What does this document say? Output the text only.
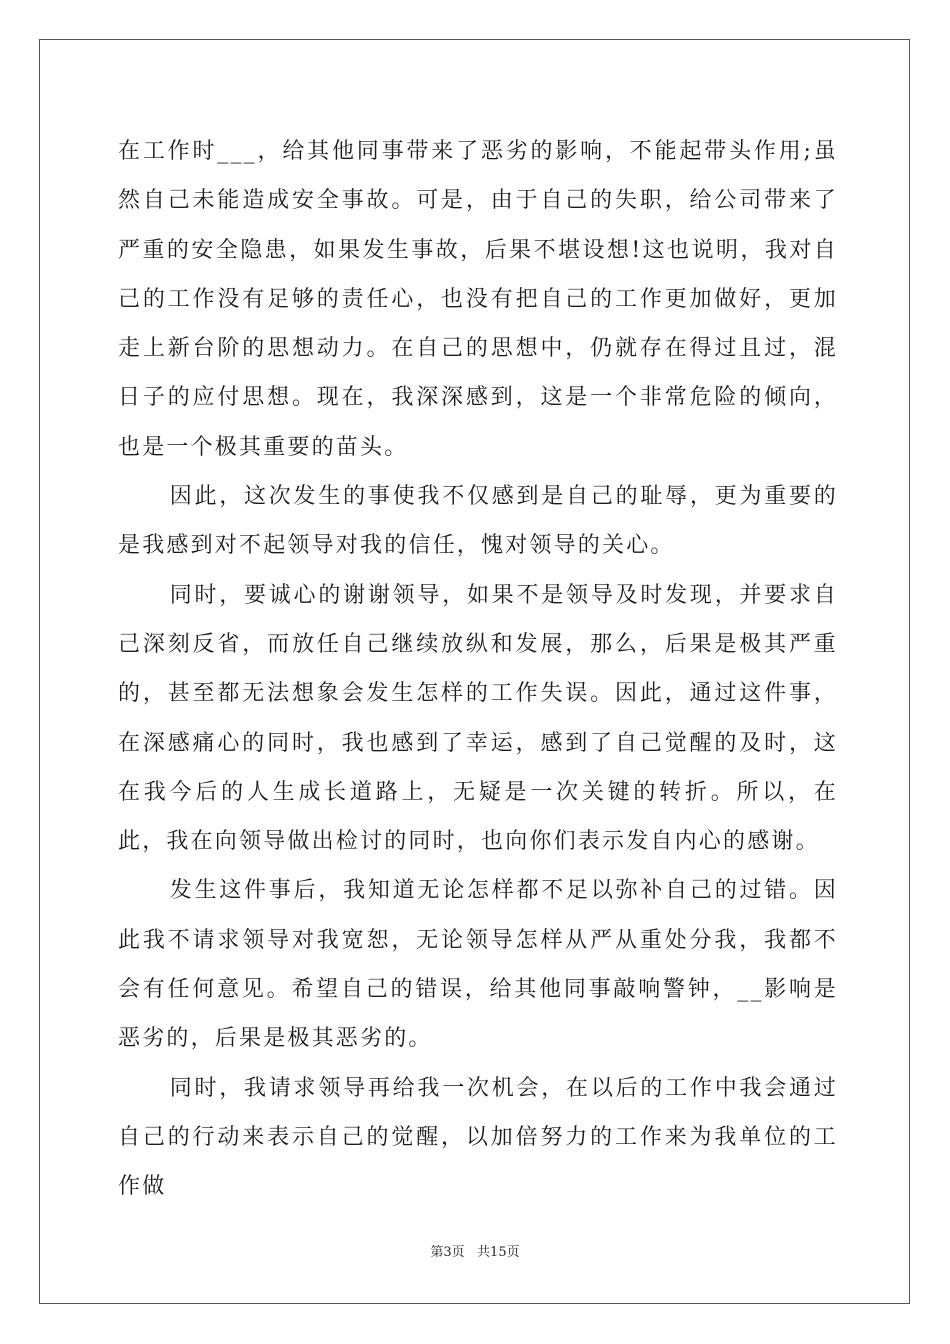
在工作时___，给其他同事带来了恶劣的影响，不能起带头作用;虽然自己未能造成安全事故。可是，由于自己的失职，给公司带来了严重的安全隐患，如果发生事故，后果不堪设想!这也说明，我对自己的工作没有足够的责任心，也没有把自己的工作更加做好，更加走上新台阶的思想动力。在自己的思想中，仍就存在得过且过，混日子的应付思想。现在，我深深感到，这是一个非常危险的倾向，也是一个极其重要的苗头。

因此，这次发生的事使我不仅感到是自己的耻辱，更为重要的是我感到对不起领导对我的信任，愧对领导的关心。

同时，要诚心的谢谢领导，如果不是领导及时发现，并要求自己深刻反省，而放任自己继续放纵和发展，那么，后果是极其严重的，甚至都无法想象会发生怎样的工作失误。因此，通过这件事，在深感痛心的同时，我也感到了幸运，感到了自己觉醒的及时，这在我今后的人生成长道路上，无疑是一次关键的转折。所以，在此，我在向领导做出检讨的同时，也向你们表示发自内心的感谢。

发生这件事后，我知道无论怎样都不足以弥补自己的过错。因此我不请求领导对我宽恕，无论领导怎样从严从重处分我，我都不会有任何意见。希望自己的错误，给其他同事敲响警钟，__影响是恶劣的，后果是极其恶劣的。

同时，我请求领导再给我一次机会，在以后的工作中我会通过自己的行动来表示自己的觉醒，以加倍努力的工作来为我单位的工作做

第3页   共15页
